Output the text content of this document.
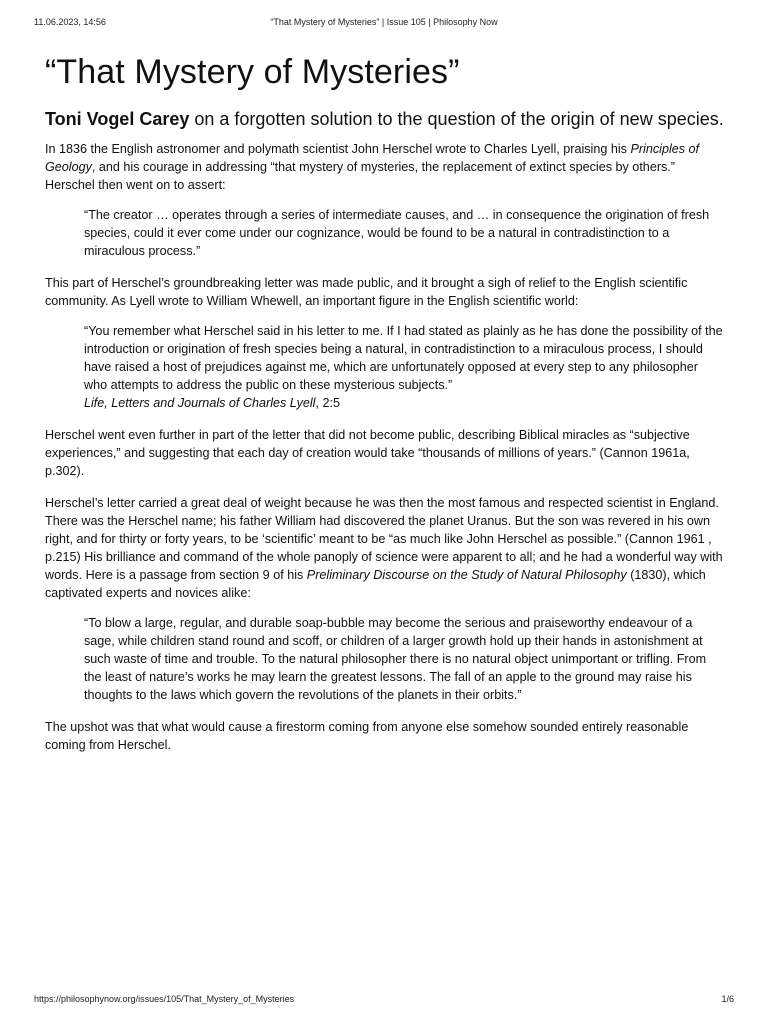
11.06.2023, 14:56	“That Mystery of Mysteries” | Issue 105 | Philosophy Now
“That Mystery of Mysteries”
Toni Vogel Carey on a forgotten solution to the question of the origin of new species.

In 1836 the English astronomer and polymath scientist John Herschel wrote to Charles Lyell, praising his Principles of Geology, and his courage in addressing “that mystery of mysteries, the replacement of extinct species by others.” Herschel then went on to assert:

“The creator … operates through a series of intermediate causes, and … in consequence the origination of fresh species, could it ever come under our cognizance, would be found to be a natural in contradistinction to a miraculous process.”

This part of Herschel’s groundbreaking letter was made public, and it brought a sigh of relief to the English scientific community. As Lyell wrote to William Whewell, an important figure in the English scientific world:

“You remember what Herschel said in his letter to me. If I had stated as plainly as he has done the possibility of the introduction or origination of fresh species being a natural, in contradistinction to a miraculous process, I should have raised a host of prejudices against me, which are unfortunately opposed at every step to any philosopher who attempts to address the public on these mysterious subjects.”

Life, Letters and Journals of Charles Lyell, 2:5

Herschel went even further in part of the letter that did not become public, describing Biblical miracles as “subjective experiences,” and suggesting that each day of creation would take “thousands of millions of years.” (Cannon 1961a, p.302).

Herschel’s letter carried a great deal of weight because he was then the most famous and respected scientist in England. There was the Herschel name; his father William had discovered the planet Uranus. But the son was revered in his own right, and for thirty or forty years, to be ‘scientific’ meant to be “as much like John Herschel as possible.” (Cannon 1961 , p.215) His brilliance and command of the whole panoply of science were apparent to all; and he had a wonderful way with words. Here is a passage from section 9 of his Preliminary Discourse on the Study of Natural Philosophy (1830), which captivated experts and novices alike:

“To blow a large, regular, and durable soap-bubble may become the serious and praiseworthy endeavour of a sage, while children stand round and scoff, or children of a larger growth hold up their hands in astonishment at such waste of time and trouble. To the natural philosopher there is no natural object unimportant or trifling. From the least of nature’s works he may learn the greatest lessons. The fall of an apple to the ground may raise his thoughts to the laws which govern the revolutions of the planets in their orbits.”

The upshot was that what would cause a firestorm coming from anyone else somehow sounded entirely reasonable coming from Herschel.

https://philosophynow.org/issues/105/That_Mystery_of_Mysteries	1/6
